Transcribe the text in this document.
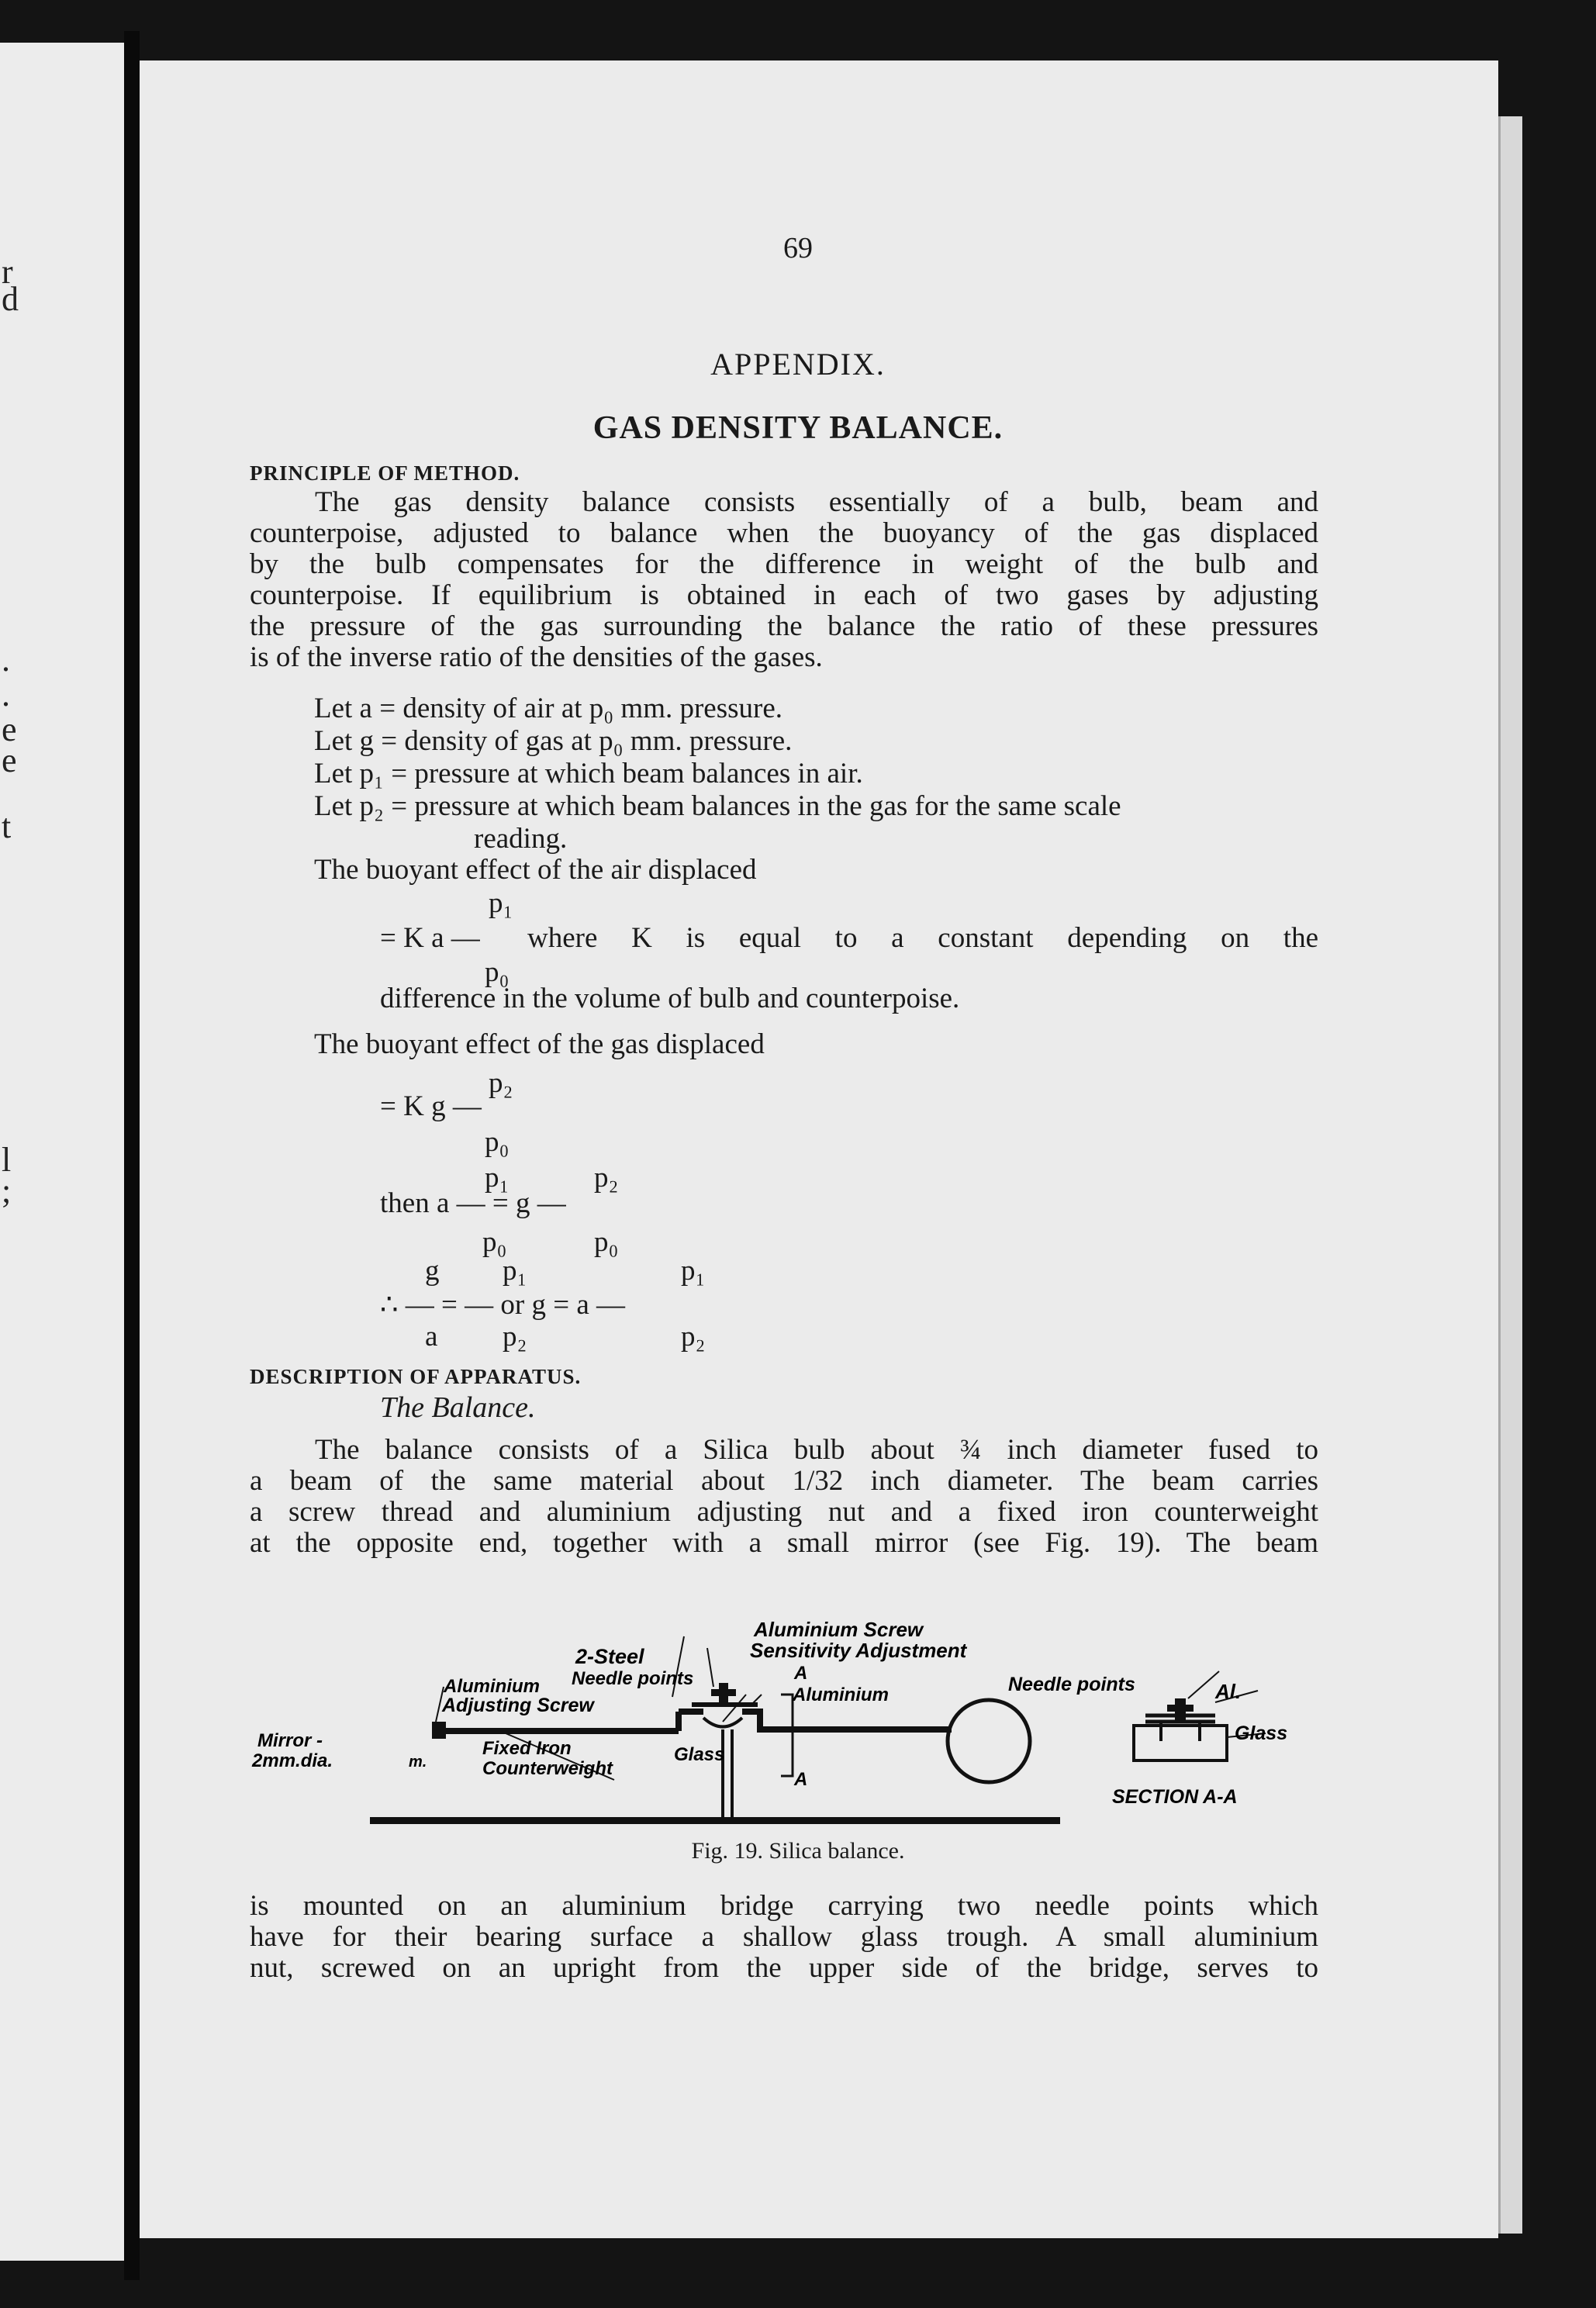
r
d
.
.
e
e
t
l
;
69
APPENDIX.
GAS DENSITY BALANCE.
PRINCIPLE OF METHOD.
The gas density balance consists essentially of a bulb, beam and
counterpoise, adjusted to balance when the buoyancy of the gas displaced
by the bulb compensates for the difference in weight of the bulb and
counterpoise. If equilibrium is obtained in each of two gases by adjusting
the pressure of the gas surrounding the balance the ratio of these pressures
is of the inverse ratio of the densities of the gases.
Let a = density of air at p₀ mm. pressure.
Let g = density of gas at p₀ mm. pressure.
Let p₁ = pressure at which beam balances in air.
Let p₂ = pressure at which beam balances in the gas for the same scale
reading.
The buoyant effect of the air displaced
p₁
= K a — where K is equal to a constant depending on the
p₀
difference in the volume of bulb and counterpoise.
The buoyant effect of the gas displaced
p₂
= K g —
p₀
p₁	p₂
then a — = g —
p₀	p₀
g p₁	p₁
∴ — = — or g = a —
a p₂	p₂
DESCRIPTION OF APPARATUS.
The Balance.
The balance consists of a Silica bulb about ¾ inch diameter fused to
a beam of the same material about 1/32 inch diameter. The beam carries
a screw thread and aluminium adjusting nut and a fixed iron counterweight
at the opposite end, together with a small mirror (see Fig. 19). The beam
Aluminium Screw
Sensitivity Adjustment
2-Steel
Needle points
Aluminium
Adjusting Screw
Mirror -
2mm.dia.	m.
Fixed Iron
Counterweight
Glass
Aluminium
A
A
Needle points	Al.
Glass
SECTION A-A
Fig. 19. Silica balance.
is mounted on an aluminium bridge carrying two needle points which
have for their bearing surface a shallow glass trough. A small aluminium
nut, screwed on an upright from the upper side of the bridge, serves to
